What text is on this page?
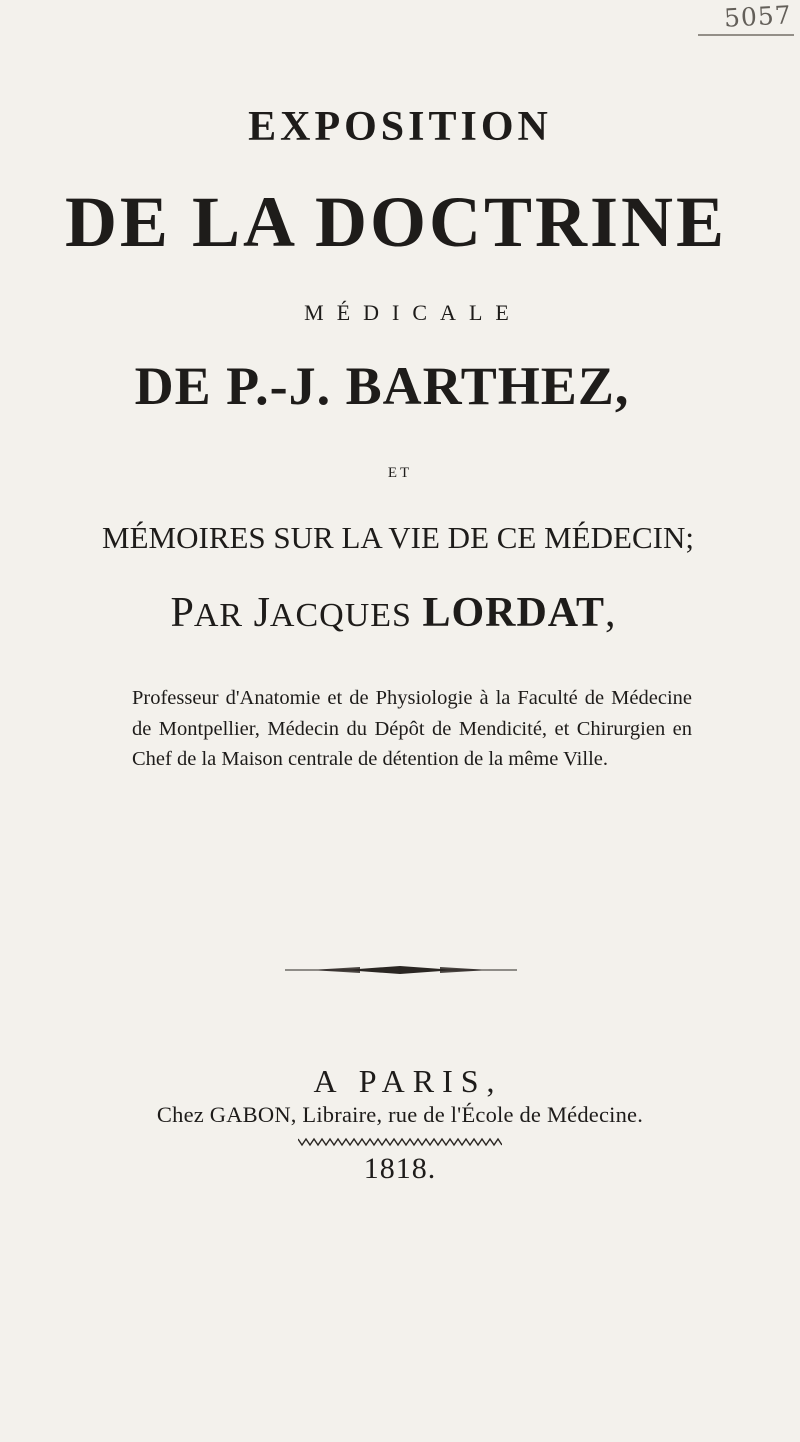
5057
EXPOSITION
DE LA DOCTRINE
MÉDICALE
DE P.-J. BARTHEZ,
ET
MÉMOIRES SUR LA VIE DE CE MÉDECIN;
PAR JACQUES LORDAT,
Professeur d'Anatomie et de Physiologie à la Faculté de Médecine de Montpellier, Médecin du Dépôt de Mendicité, et Chirurgien en Chef de la Maison centrale de détention de la même Ville.
A PARIS,
Chez GABON, Libraire, rue de l'École de Médecine.
1818.
